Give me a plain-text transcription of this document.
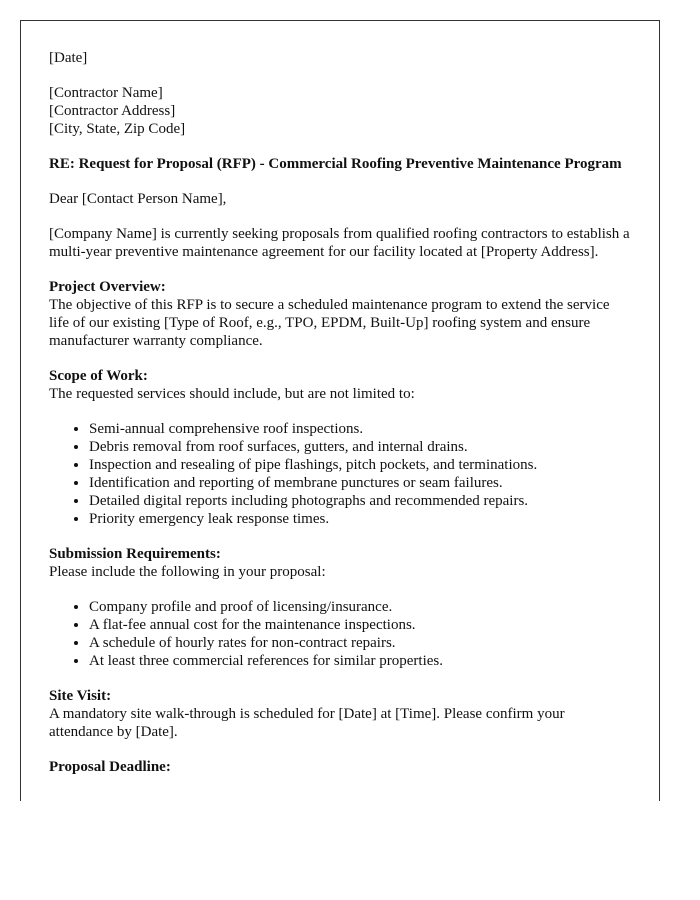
[Date]

[Contractor Name]
[Contractor Address]
[City, State, Zip Code]

RE: Request for Proposal (RFP) - Commercial Roofing Preventive Maintenance Program

Dear [Contact Person Name],

[Company Name] is currently seeking proposals from qualified roofing contractors to establish a multi-year preventive maintenance agreement for our facility located at [Property Address].

Project Overview:
The objective of this RFP is to secure a scheduled maintenance program to extend the service life of our existing [Type of Roof, e.g., TPO, EPDM, Built-Up] roofing system and ensure manufacturer warranty compliance.

Scope of Work:
The requested services should include, but are not limited to:

• Semi-annual comprehensive roof inspections.
• Debris removal from roof surfaces, gutters, and internal drains.
• Inspection and resealing of pipe flashings, pitch pockets, and terminations.
• Identification and reporting of membrane punctures or seam failures.
• Detailed digital reports including photographs and recommended repairs.
• Priority emergency leak response times.

Submission Requirements:
Please include the following in your proposal:

• Company profile and proof of licensing/insurance.
• A flat-fee annual cost for the maintenance inspections.
• A schedule of hourly rates for non-contract repairs.
• At least three commercial references for similar properties.

Site Visit:
A mandatory site walk-through is scheduled for [Date] at [Time]. Please confirm your attendance by [Date].

Proposal Deadline:
